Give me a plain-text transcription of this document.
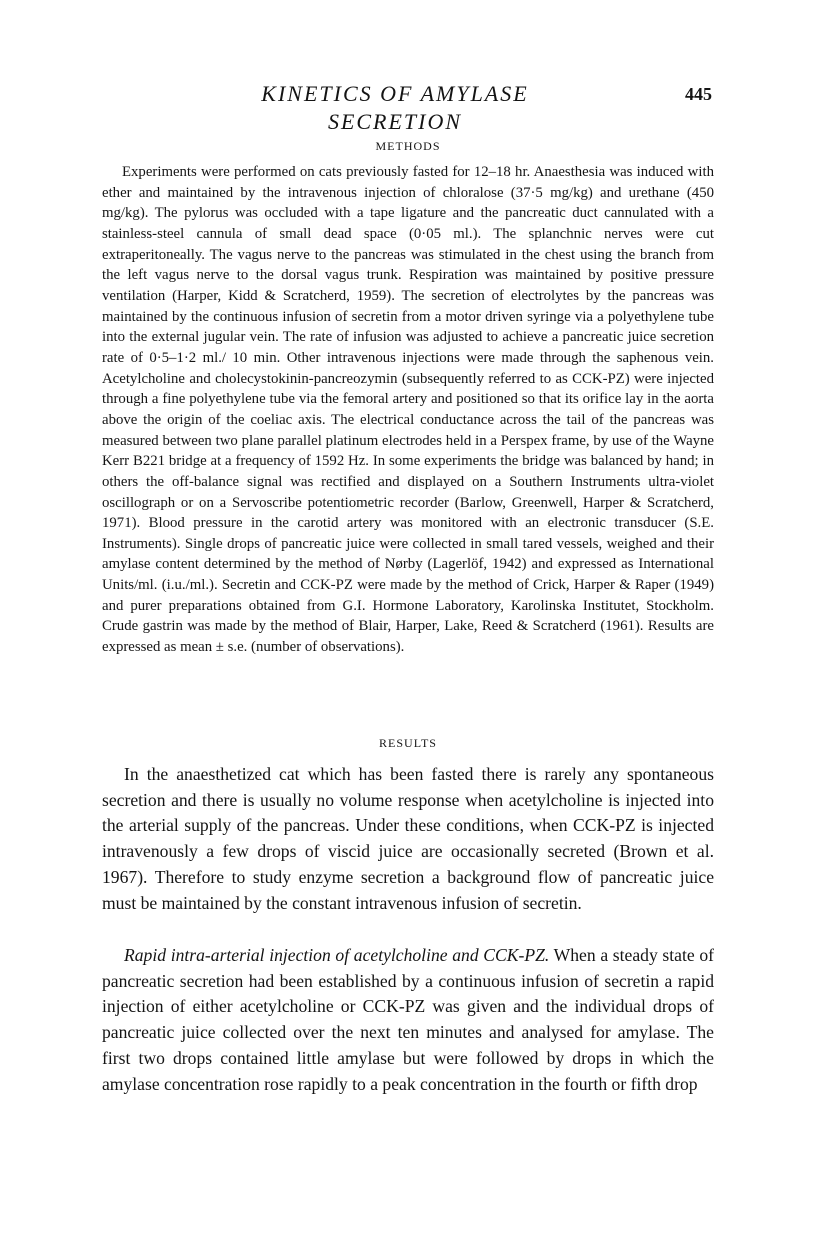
KINETICS OF AMYLASE SECRETION
445
METHODS

Experiments were performed on cats previously fasted for 12–18 hr. Anaesthesia was induced with ether and maintained by the intravenous injection of chloralose (37·5 mg/kg) and urethane (450 mg/kg). The pylorus was occluded with a tape ligature and the pancreatic duct cannulated with a stainless-steel cannula of small dead space (0·05 ml.). The splanchnic nerves were cut extraperitoneally. The vagus nerve to the pancreas was stimulated in the chest using the branch from the left vagus nerve to the dorsal vagus trunk. Respiration was maintained by positive pressure ventilation (Harper, Kidd & Scratcherd, 1959). The secretion of electrolytes by the pancreas was maintained by the continuous infusion of secretin from a motor driven syringe via a polyethylene tube into the external jugular vein. The rate of infusion was adjusted to achieve a pancreatic juice secretion rate of 0·5–1·2 ml./ 10 min. Other intravenous injections were made through the saphenous vein. Acetylcholine and cholecystokinin-pancreozymin (subsequently referred to as CCK-PZ) were injected through a fine polyethylene tube via the femoral artery and positioned so that its orifice lay in the aorta above the origin of the coeliac axis. The electrical conductance across the tail of the pancreas was measured between two plane parallel platinum electrodes held in a Perspex frame, by use of the Wayne Kerr B221 bridge at a frequency of 1592 Hz. In some experiments the bridge was balanced by hand; in others the off-balance signal was rectified and displayed on a Southern Instruments ultra-violet oscillograph or on a Servoscribe potentiometric recorder (Barlow, Greenwell, Harper & Scratcherd, 1971). Blood pressure in the carotid artery was monitored with an electronic transducer (S.E. Instruments). Single drops of pancreatic juice were collected in small tared vessels, weighed and their amylase content determined by the method of Nørby (Lagerlöf, 1942) and expressed as International Units/ml. (i.u./ml.). Secretin and CCK-PZ were made by the method of Crick, Harper & Raper (1949) and purer preparations obtained from G.I. Hormone Laboratory, Karolinska Institutet, Stockholm. Crude gastrin was made by the method of Blair, Harper, Lake, Reed & Scratcherd (1961). Results are expressed as mean ± s.e. (number of observations).

RESULTS

In the anaesthetized cat which has been fasted there is rarely any spontaneous secretion and there is usually no volume response when acetylcholine is injected into the arterial supply of the pancreas. Under these conditions, when CCK-PZ is injected intravenously a few drops of viscid juice are occasionally secreted (Brown et al. 1967). Therefore to study enzyme secretion a background flow of pancreatic juice must be maintained by the constant intravenous infusion of secretin.

Rapid intra-arterial injection of acetylcholine and CCK-PZ. When a steady state of pancreatic secretion had been established by a continuous infusion of secretin a rapid injection of either acetylcholine or CCK-PZ was given and the individual drops of pancreatic juice collected over the next ten minutes and analysed for amylase. The first two drops contained little amylase but were followed by drops in which the amylase concentration rose rapidly to a peak concentration in the fourth or fifth drop
